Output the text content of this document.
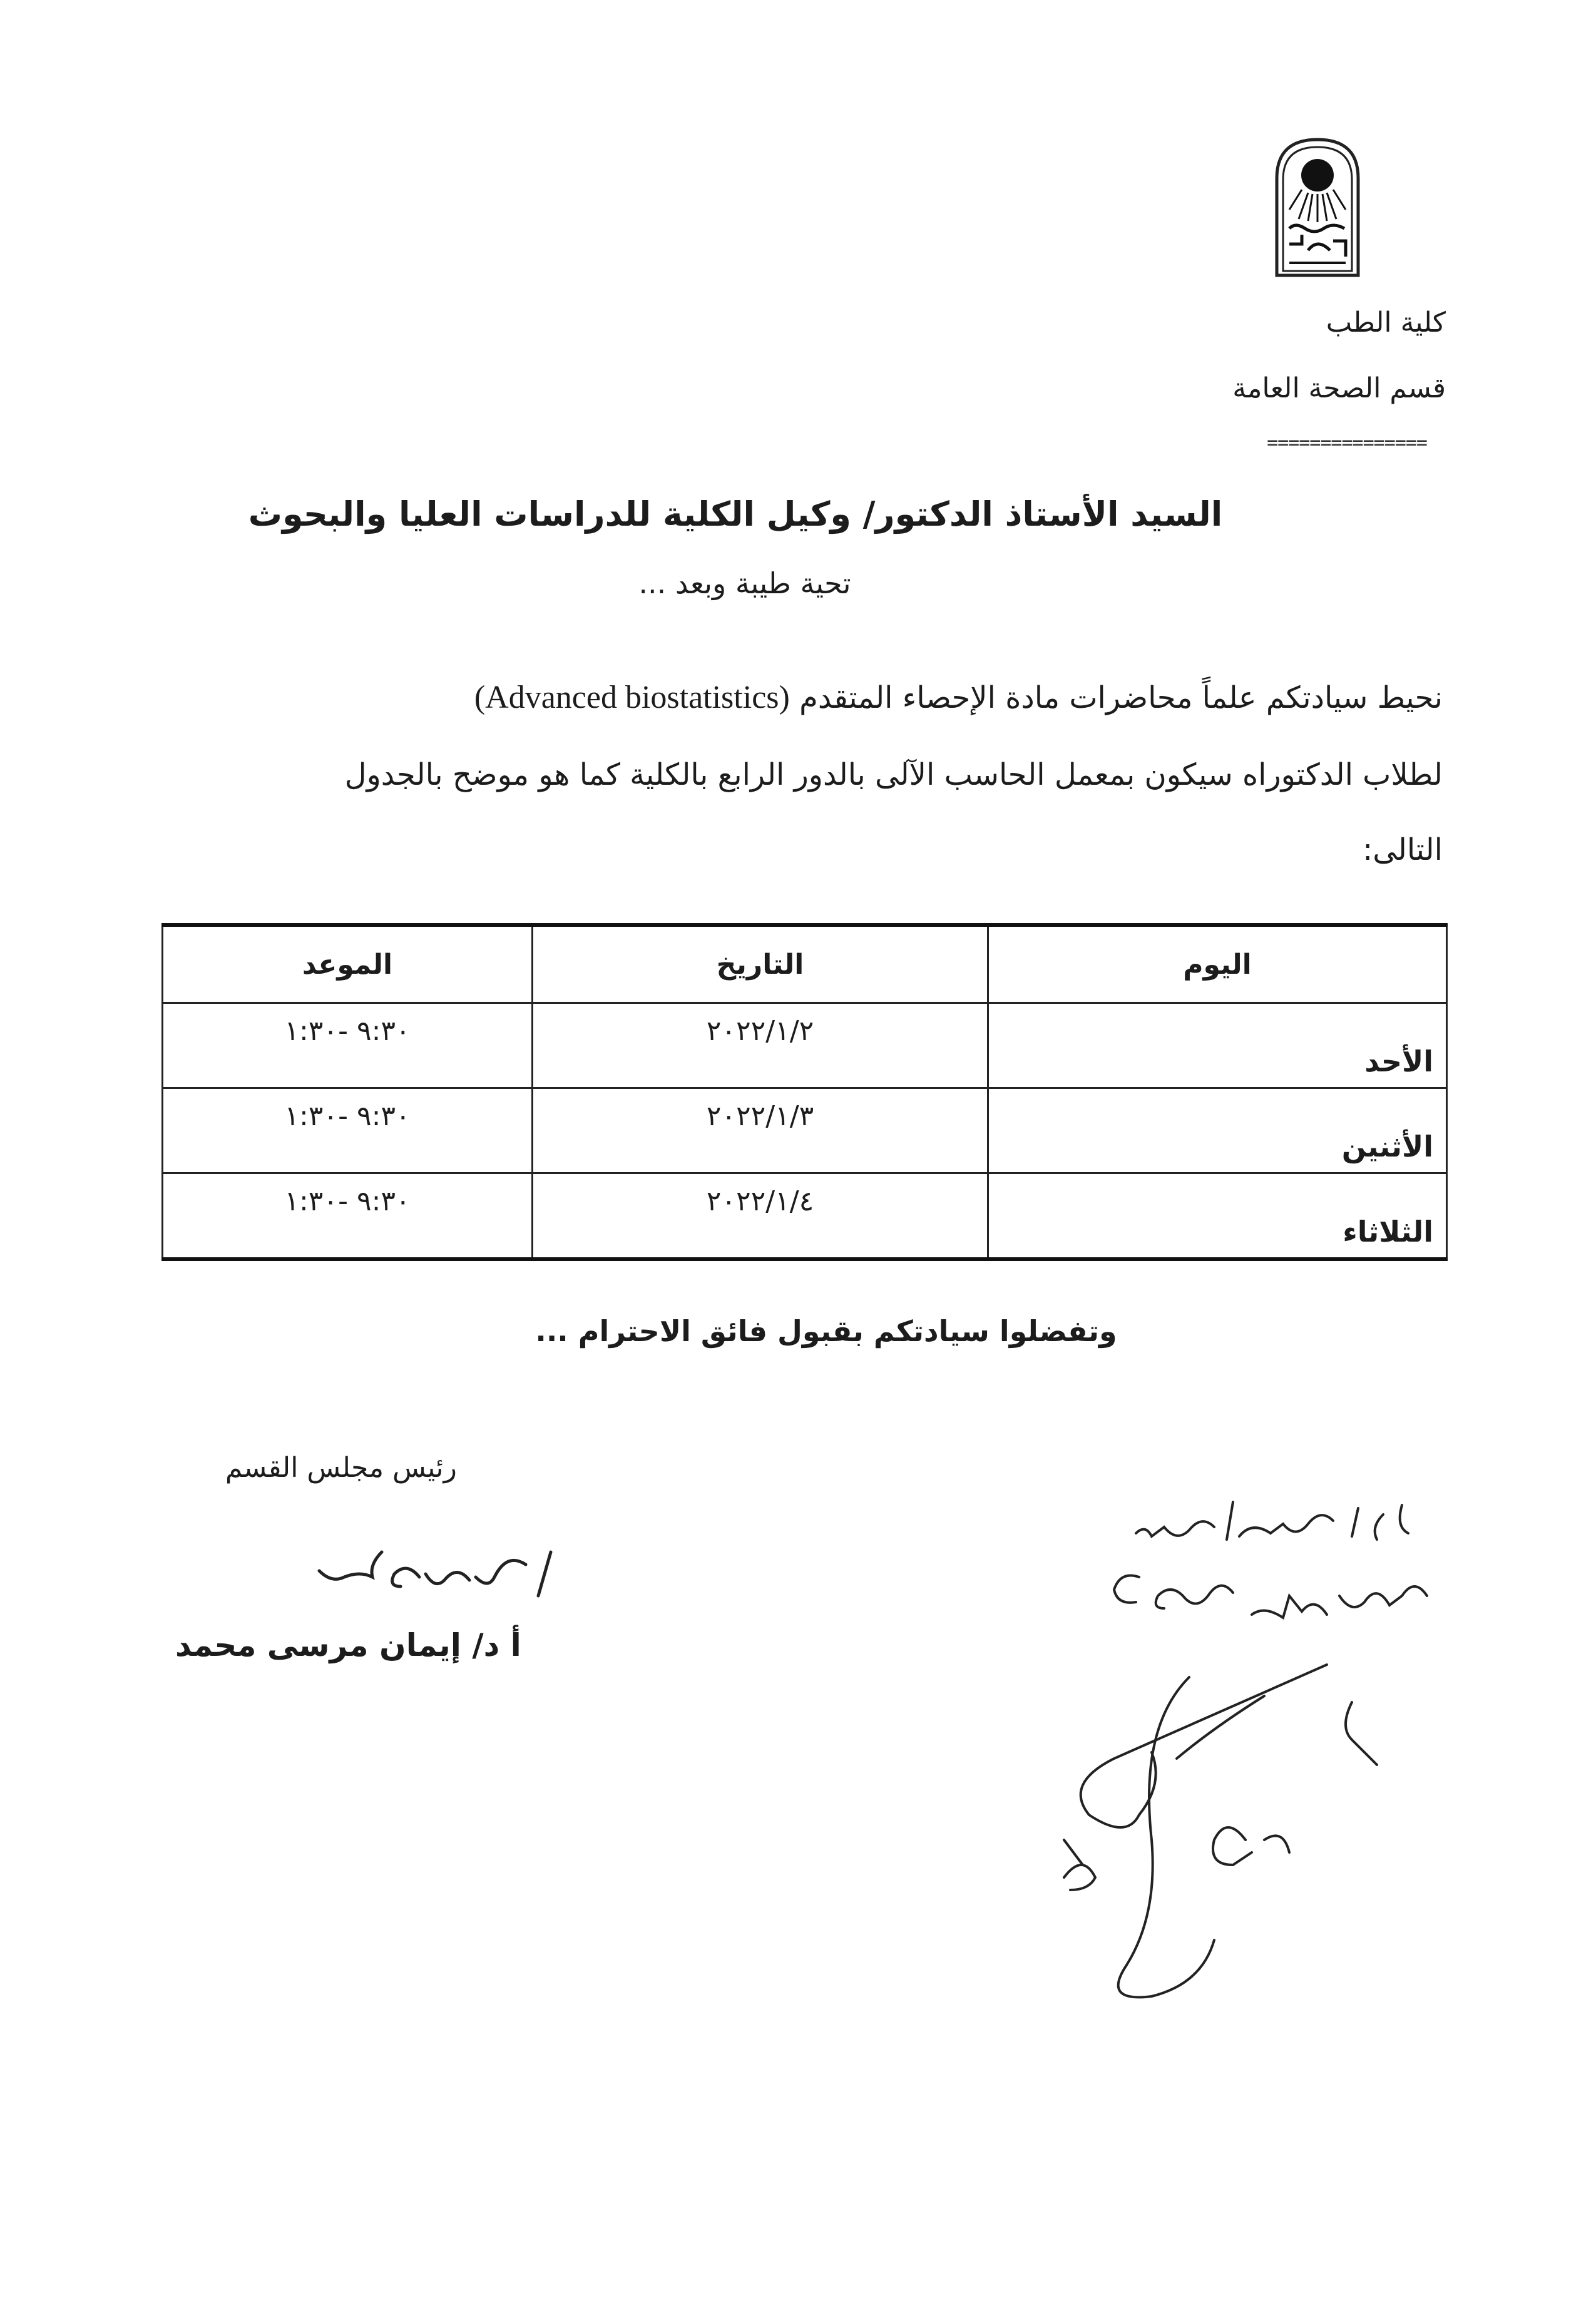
كلية الطب
قسم الصحة العامة
===============
السيد الأستاذ الدكتور/ وكيل الكلية للدراسات العليا والبحوث
تحية طيبة وبعد ...
نحيط سيادتكم علماً محاضرات مادة الإحصاء المتقدم (Advanced biostatistics)
لطلاب الدكتوراه سيكون بمعمل الحاسب الآلى بالدور الرابع بالكلية كما هو موضح بالجدول
التالى:
اليوم	التاريخ	الموعد
الأحد	٢٠٢٢/١/٢	٩:٣٠ -١:٣٠
الأثنين	٢٠٢٢/١/٣	٩:٣٠ -١:٣٠
الثلاثاء	٢٠٢٢/١/٤	٩:٣٠ -١:٣٠
وتفضلوا سيادتكم بقبول فائق الاحترام ...
رئيس مجلس القسم
أ د/ إيمان مرسى محمد
